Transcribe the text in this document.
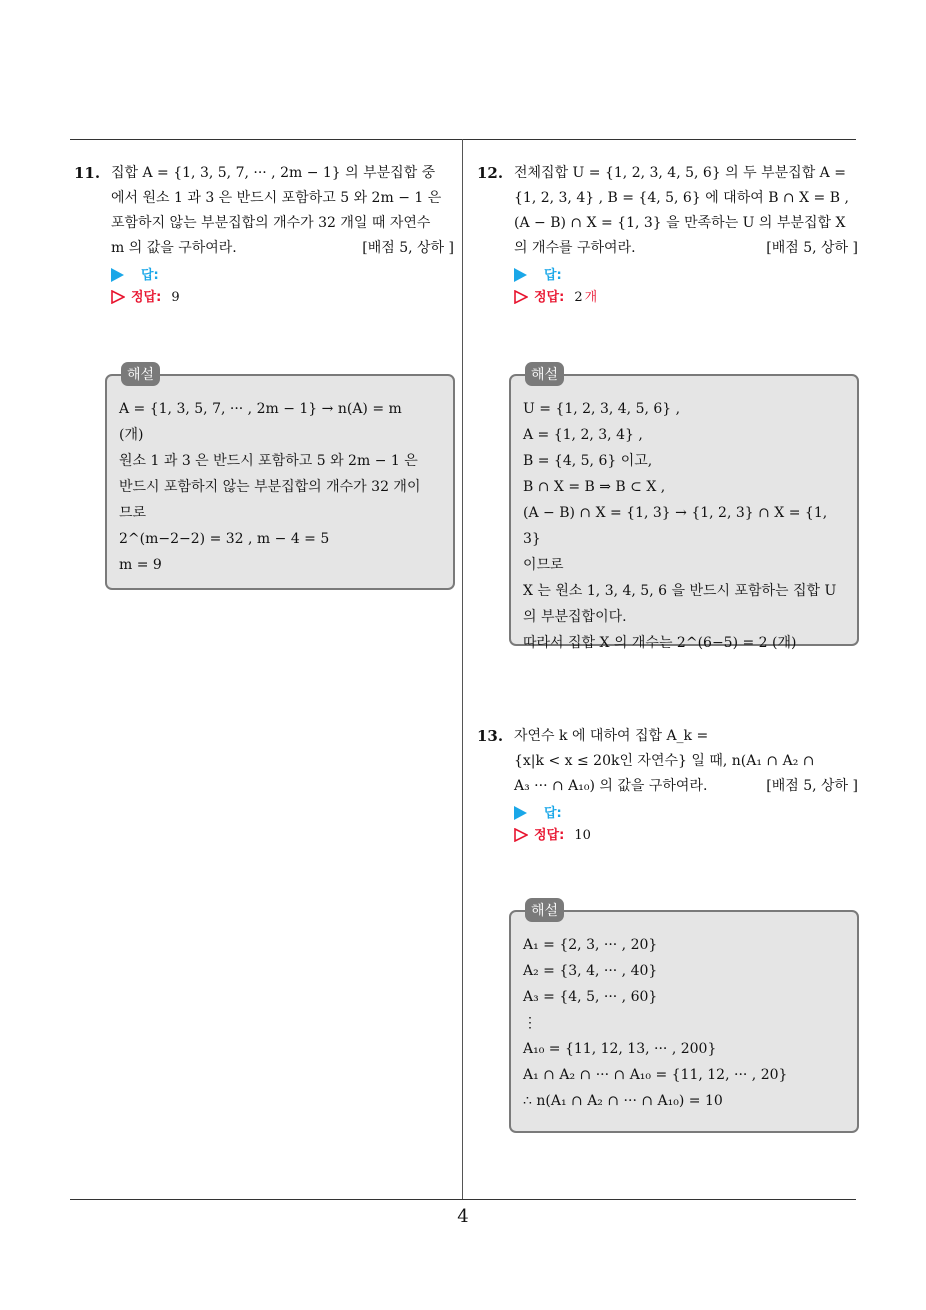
11. 집합 A = {1, 3, 5, 7, ··· , 2m − 1} 의 부분집합 중
에서 원소 1 과 3 은 반드시 포함하고 5 와 2m − 1 은
포함하지 않는 부분집합의 개수가 32 개일 때 자연수
m 의 값을 구하여라.	[배점 5, 상하 ]
답:
정답: 9
해설
A = {1, 3, 5, 7, ··· , 2m − 1} → n(A) = m
(개)
원소 1 과 3 은 반드시 포함하고 5 와 2m − 1 은
반드시 포함하지 않는 부분집합의 개수가 32 개이
므로
2^(m−2−2) = 32 , m − 4 = 5
m = 9
12. 전체집합 U = {1, 2, 3, 4, 5, 6} 의 두 부분집합 A =
{1, 2, 3, 4} , B = {4, 5, 6} 에 대하여 B ∩ X = B ,
(A − B) ∩ X = {1, 3} 을 만족하는 U 의 부분집합 X
의 개수를 구하여라.	[배점 5, 상하 ]
답:
정답: 2 개
해설
U = {1, 2, 3, 4, 5, 6} ,
A = {1, 2, 3, 4} ,
B = {4, 5, 6} 이고,
B ∩ X = B ⇒ B ⊂ X ,
(A − B) ∩ X = {1, 3} → {1, 2, 3} ∩ X = {1, 3}
이므로
X 는 원소 1, 3, 4, 5, 6 을 반드시 포함하는 집합 U
의 부분집합이다.
따라서 집합 X 의 개수는 2^(6−5) = 2 (개)
13. 자연수 k 에 대하여 집합 A_k =
{x|k < x ≤ 20k인 자연수} 일 때, n(A₁ ∩ A₂ ∩
A₃ ··· ∩ A₁₀) 의 값을 구하여라.	[배점 5, 상하 ]
답:
정답: 10
해설
A₁ = {2, 3, ··· , 20}
A₂ = {3, 4, ··· , 40}
A₃ = {4, 5, ··· , 60}
⋮
A₁₀ = {11, 12, 13, ··· , 200}
A₁ ∩ A₂ ∩ ··· ∩ A₁₀ = {11, 12, ··· , 20}
∴ n(A₁ ∩ A₂ ∩ ··· ∩ A₁₀) = 10
4
